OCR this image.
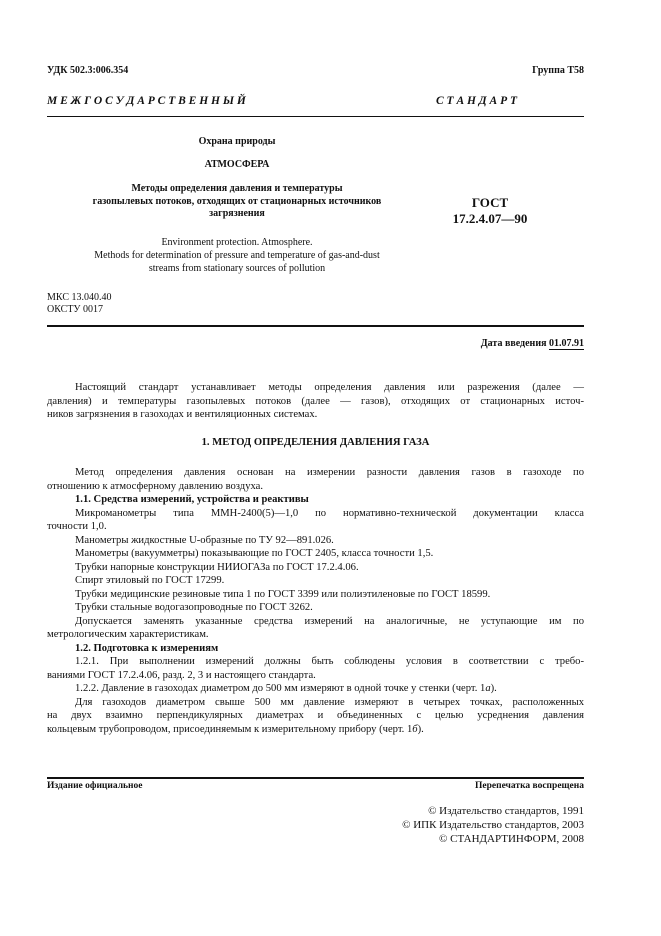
УДК 502.3:006.354	Группа Т58
М Е Ж Г О С У Д А Р С Т В Е Н Н Ы Й	С Т А Н Д А Р Т
Охрана природы
АТМОСФЕРА
Методы определения давления и температуры
газопылевых потоков, отходящих от стационарных источников
загрязнения
ГОСТ
17.2.4.07—90
Environment protection. Atmosphere.
Methods for determination of pressure and temperature of gas-and-dust
streams from stationary sources of pollution
МКС 13.040.40
ОКСТУ 0017
Дата введения 01.07.91
Настоящий стандарт устанавливает методы определения давления или разрежения (далее —
давления) и температуры газопылевых потоков (далее — газов), отходящих от стационарных источ-
ников загрязнения в газоходах и вентиляционных системах.
1. МЕТОД ОПРЕДЕЛЕНИЯ ДАВЛЕНИЯ ГАЗА
Метод определения давления основан на измерении разности давления газов в газоходе по
отношению к атмосферному давлению воздуха.
1.1. Средства измерений, устройства и реактивы
Микроманометры типа ММН-2400(5)—1,0 по нормативно-технической документации класса
точности 1,0.
Манометры жидкостные U-образные по ТУ 92—891.026.
Манометры (вакуумметры) показывающие по ГОСТ 2405, класса точности 1,5.
Трубки напорные конструкции НИИОГАЗа по ГОСТ 17.2.4.06.
Спирт этиловый по ГОСТ 17299.
Трубки медицинские резиновые типа 1 по ГОСТ 3399 или полиэтиленовые по ГОСТ 18599.
Трубки стальные водогазопроводные по ГОСТ 3262.
Допускается заменять указанные средства измерений на аналогичные, не уступающие им по
метрологическим характеристикам.
1.2. Подготовка к измерениям
1.2.1. При выполнении измерений должны быть соблюдены условия в соответствии с требо-
ваниями ГОСТ 17.2.4.06, разд. 2, 3 и настоящего стандарта.
1.2.2. Давление в газоходах диаметром до 500 мм измеряют в одной точке у стенки (черт. 1а).
Для газоходов диаметром свыше 500 мм давление измеряют в четырех точках, расположенных
на двух взаимно перпендикулярных диаметрах и объединенных с целью усреднения давления
кольцевым трубопроводом, присоединяемым к измерительному прибору (черт. 1б).
Издание официальное	Перепечатка воспрещена
© Издательство стандартов, 1991
© ИПК Издательство стандартов, 2003
© СТАНДАРТИНФОРМ, 2008
